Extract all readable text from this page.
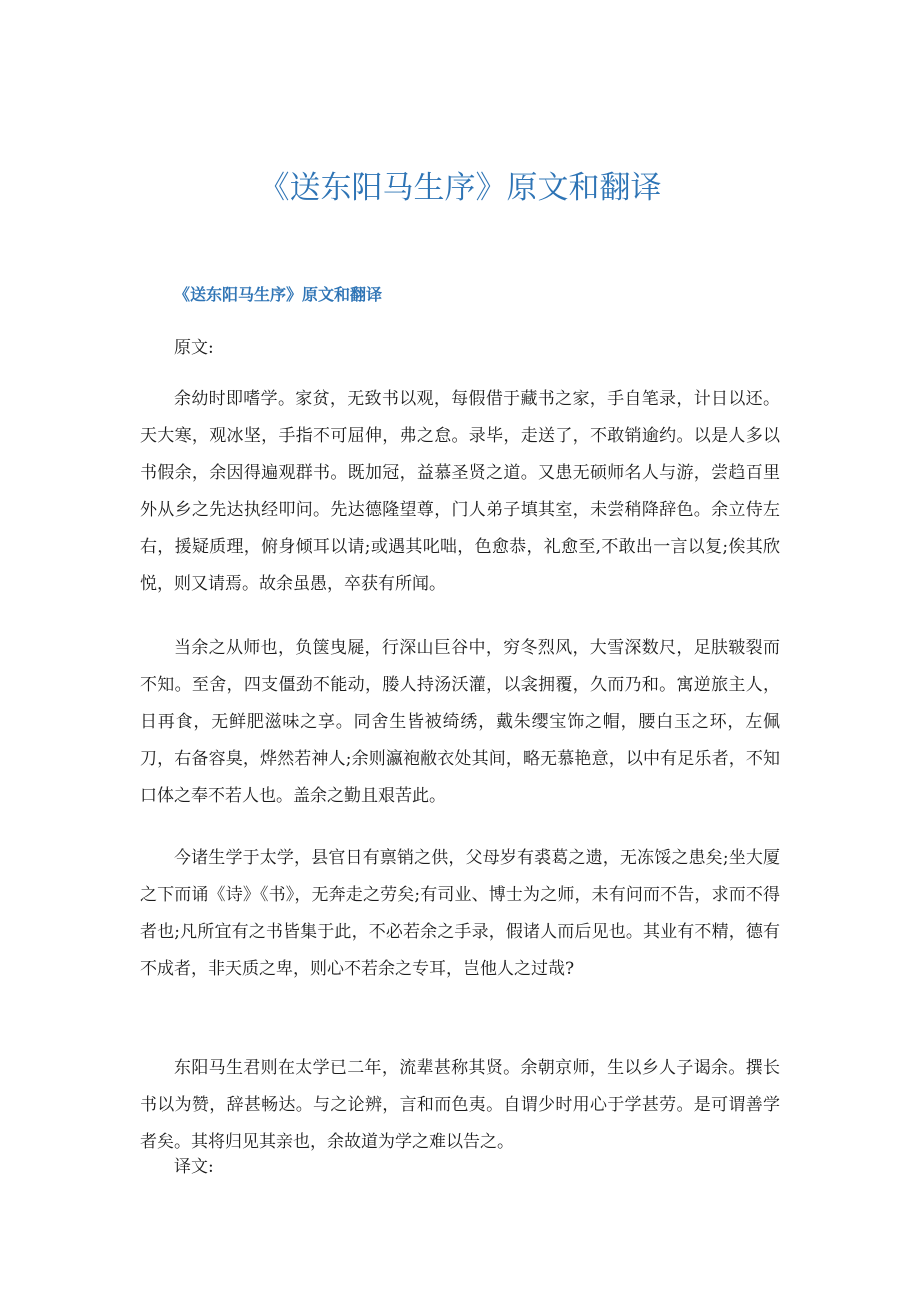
《送东阳马生序》原文和翻译
《送东阳马生序》原文和翻译

原文:

余幼时即嗜学。家贫，无致书以观，每假借于藏书之家，手自笔录，计日以还。天大寒，观冰坚，手指不可屈伸，弗之怠。录毕，走送了，不敢销逾约。以是人多以书假余，余因得遍观群书。既加冠，益慕圣贤之道。又患无硕师名人与游，尝趋百里外从乡之先达执经叩问。先达德隆望尊，门人弟子填其室，未尝稍降辞色。余立侍左右，援疑质理，俯身倾耳以请;或遇其叱咄，色愈恭，礼愈至,不敢出一言以复;俟其欣悦，则又请焉。故余虽愚，卒获有所闻。

当余之从师也，负箧曳屣，行深山巨谷中，穷冬烈风，大雪深数尺，足肤皲裂而不知。至舍，四支僵劲不能动，媵人持汤沃灌，以衾拥覆，久而乃和。寓逆旅主人，日再食，无鲜肥滋味之享。同舍生皆被绮绣，戴朱缨宝饰之帽，腰白玉之环，左佩刀，右备容臭，烨然若神人;余则瀛袍敝衣处其间，略无慕艳意，以中有足乐者，不知口体之奉不若人也。盖余之勤且艰苦此。

今诸生学于太学，县官日有禀销之供，父母岁有裘葛之遗，无冻馁之患矣;坐大厦之下而诵《诗》《书》，无奔走之劳矣;有司业、博士为之师，未有问而不告，求而不得者也;凡所宜有之书皆集于此，不必若余之手录，假诸人而后见也。其业有不精，德有不成者，非天质之卑，则心不若余之专耳，岂他人之过哉?

东阳马生君则在太学已二年，流辈甚称其贤。余朝京师，生以乡人子谒余。撰长书以为赞，辞甚畅达。与之论辨，言和而色夷。自谓少时用心于学甚劳。是可谓善学者矣。其将归见其亲也，余故道为学之难以告之。

译文:
